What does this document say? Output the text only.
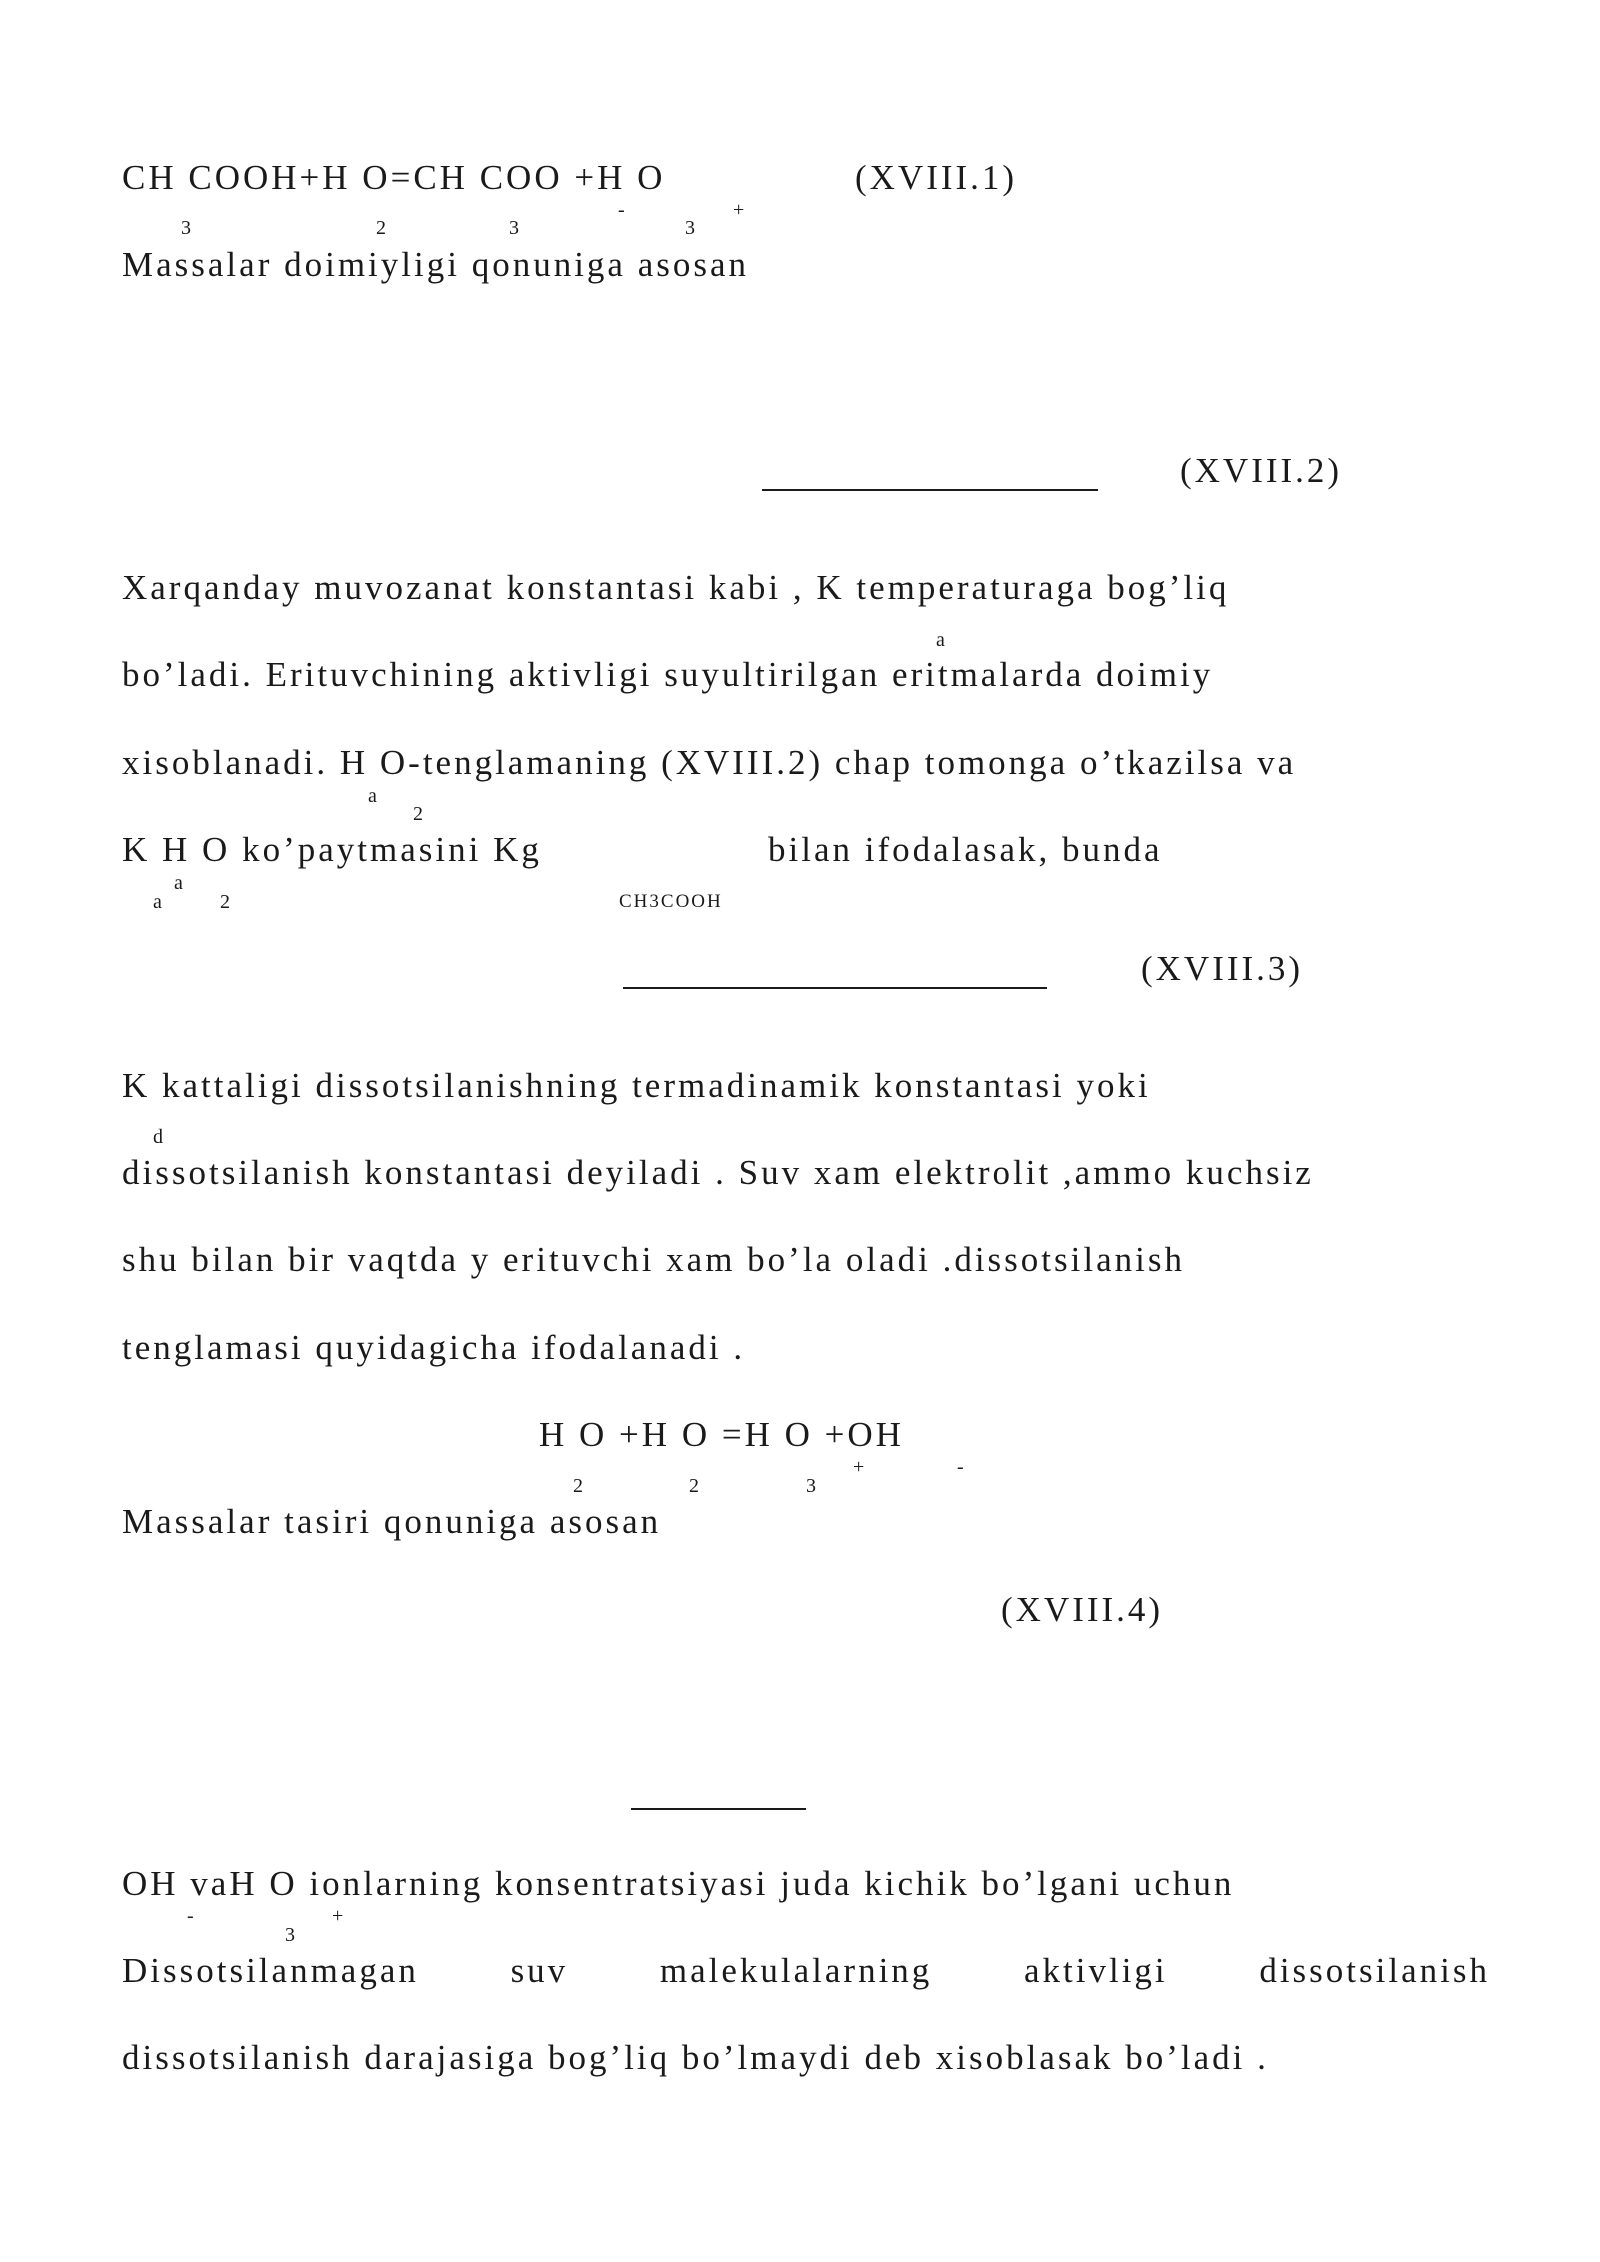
CH COOH+H O=CH COO +H O
3	2	3
-
3
+
(XVIII.1)
Massalar doimiyligi qonuniga asosan
(XVIII.2)
Xarqanday muvozanat konstantasi kabi , K temperaturaga bog’liq
a
bo’ladi. Erituvchining aktivligi suyultirilgan eritmalarda doimiy
xisoblanadi. H O-tenglamaning (XVIII.2) chap tomonga o’tkazilsa va
a
2
K H O ko’paytmasini Kg	bilan ifodalasak, bunda
a
a
2	CH3COOH
(XVIII.3)
K kattaligi dissotsilanishning termadinamik konstantasi yoki
d
dissotsilanish konstantasi deyiladi . Suv xam elektrolit ,ammo kuchsiz
shu bilan bir vaqtda y erituvchi xam bo’la oladi .dissotsilanish
tenglamasi quyidagicha ifodalanadi .
H O +H O =H O +OH
2	2	3
+	-
Massalar tasiri qonuniga asosan
(XVIII.4)
OH vaH O ionlarning konsentratsiyasi juda kichik bo’lgani uchun
-
3
+
Dissotsilanmagan	suv	malekulalarning	aktivligi	dissotsilanish
dissotsilanish darajasiga bog’liq bo’lmaydi deb xisoblasak bo’ladi .
